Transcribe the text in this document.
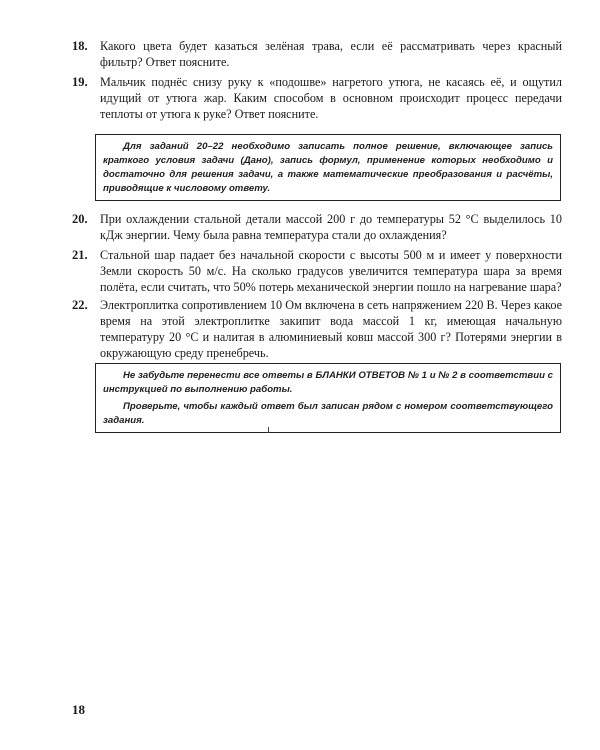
18.	Какого цвета будет казаться зелёная трава, если её рассматривать через красный фильтр? Ответ поясните.
19.	Мальчик поднёс снизу руку к «подошве» нагретого утюга, не касаясь её, и ощутил идущий от утюга жар. Каким способом в основном происходит процесс передачи теплоты от утюга к руке? Ответ поясните.

Для заданий 20–22 необходимо записать полное решение, включающее запись краткого условия задачи (Дано), запись формул, применение которых необходимо и достаточно для решения задачи, а также математические преобразования и расчёты, приводящие к числовому ответу.

20.	При охлаждении стальной детали массой 200 г до температуры 52 °С выделилось 10 кДж энергии. Чему была равна температура стали до охлаждения?
21.	Стальной шар падает без начальной скорости с высоты 500 м и имеет у поверхности Земли скорость 50 м/с. На сколько градусов увеличится температура шара за время полёта, если считать, что 50% потерь механической энергии пошло на нагревание шара?
22.	Электроплитка сопротивлением 10 Ом включена в сеть напряжением 220 В. Через какое время на этой электроплитке закипит вода массой 1 кг, имеющая начальную температуру 20 °С и налитая в алюминиевый ковш массой 300 г? Потерями энергии в окружающую среду пренебречь.

Не забудьте перенести все ответы в БЛАНКИ ОТВЕТОВ № 1 и № 2 в соответствии с инструкцией по выполнению работы.

Проверьте, чтобы каждый ответ был записан рядом с номером соответствующего задания.

18
